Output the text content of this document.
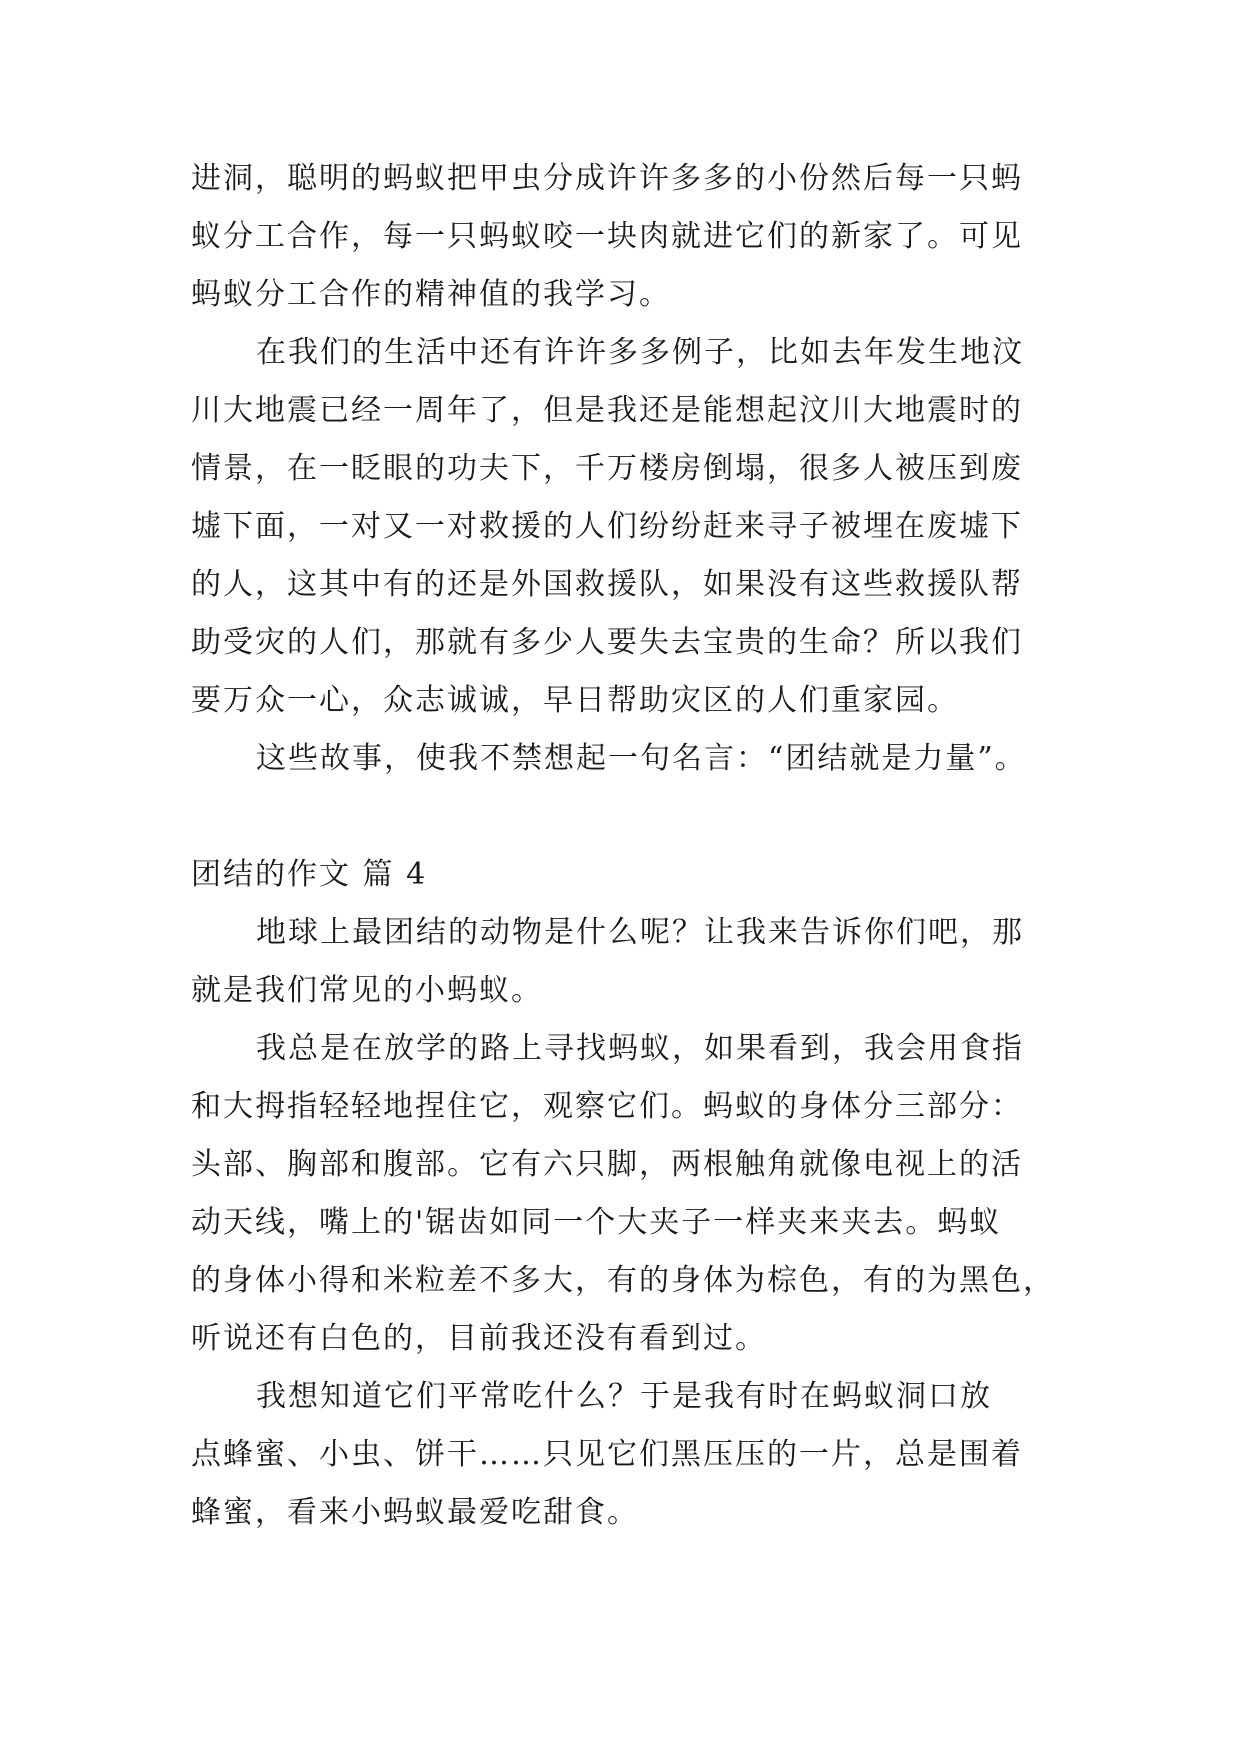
进洞，聪明的蚂蚁把甲虫分成许许多多的小份然后每一只蚂
蚁分工合作，每一只蚂蚁咬一块肉就进它们的新家了。可见
蚂蚁分工合作的精神值的我学习。
在我们的生活中还有许许多多例子，比如去年发生地汶
川大地震已经一周年了，但是我还是能想起汶川大地震时的
情景，在一眨眼的功夫下，千万楼房倒塌，很多人被压到废
墟下面，一对又一对救援的人们纷纷赶来寻子被埋在废墟下
的人，这其中有的还是外国救援队，如果没有这些救援队帮
助受灾的人们，那就有多少人要失去宝贵的生命？所以我们
要万众一心，众志诚诚，早日帮助灾区的人们重家园。
这些故事，使我不禁想起一句名言：“团结就是力量”。
团结的作文 篇 4
地球上最团结的动物是什么呢？让我来告诉你们吧，那
就是我们常见的小蚂蚁。
我总是在放学的路上寻找蚂蚁，如果看到，我会用食指
和大拇指轻轻地捏住它，观察它们。蚂蚁的身体分三部分：
头部、胸部和腹部。它有六只脚，两根触角就像电视上的活
动天线，嘴上的'锯齿如同一个大夹子一样夹来夹去。蚂蚁
的身体小得和米粒差不多大，有的身体为棕色，有的为黑色，
听说还有白色的，目前我还没有看到过。
我想知道它们平常吃什么？于是我有时在蚂蚁洞口放
点蜂蜜、小虫、饼干……只见它们黑压压的一片，总是围着
蜂蜜，看来小蚂蚁最爱吃甜食。
